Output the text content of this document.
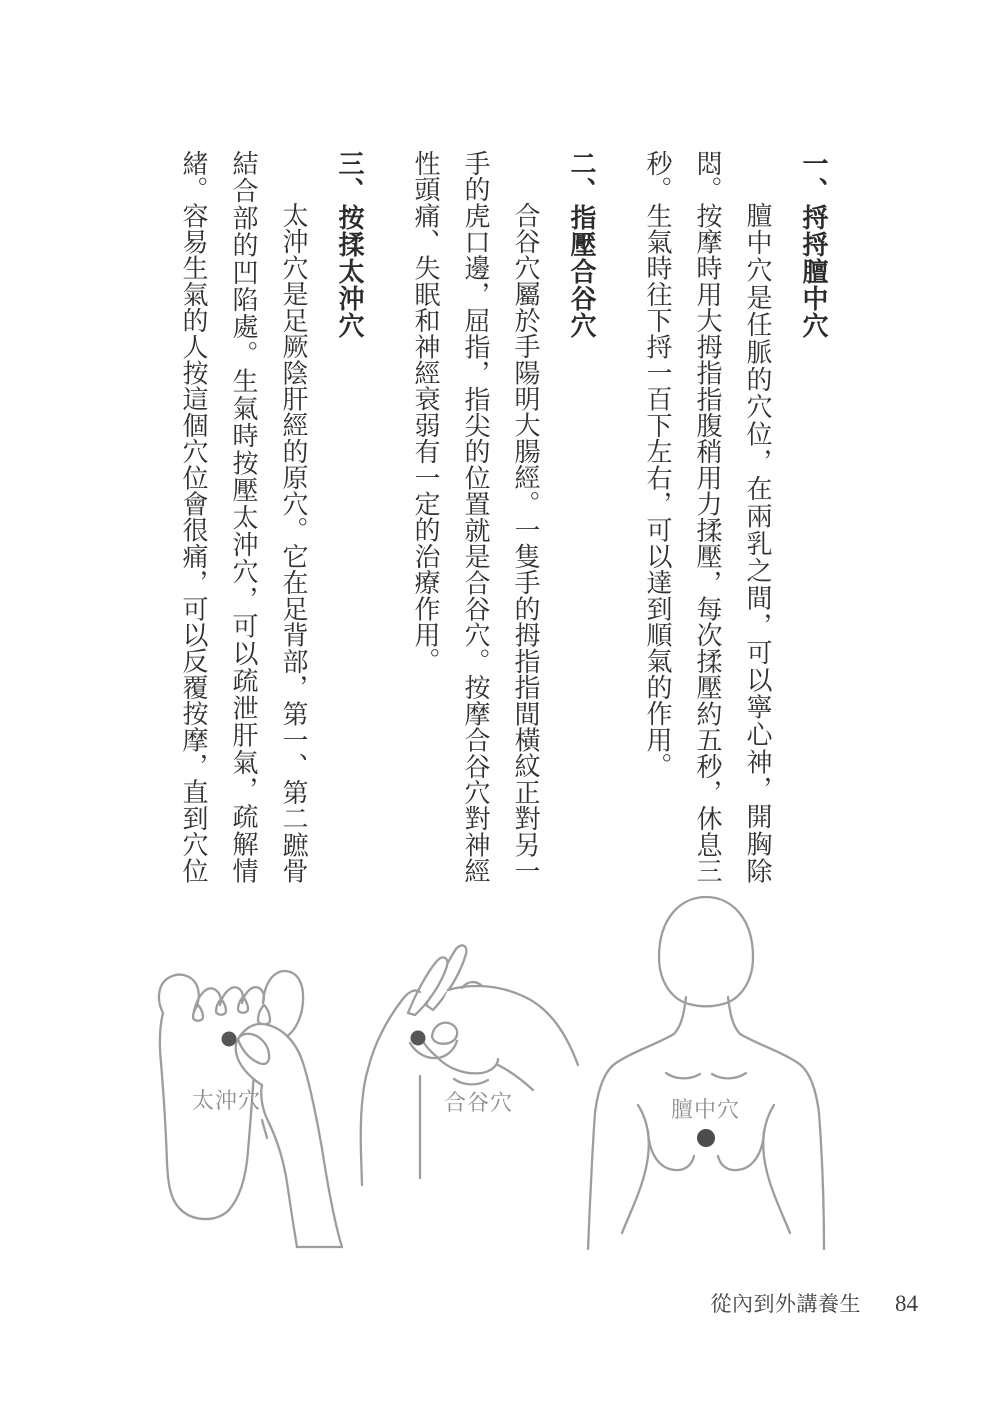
一、捋捋膻中穴

膻中穴是任脈的穴位，在兩乳之間，可以寧心神，開胸除悶。按摩時用大拇指指腹稍用力揉壓，每次揉壓約五秒，休息三秒。生氣時往下捋一百下左右，可以達到順氣的作用。

二、指壓合谷穴

合谷穴屬於手陽明大腸經。一隻手的拇指指間橫紋正對另一手的虎口邊，屈指，指尖的位置就是合谷穴。按摩合谷穴對神經性頭痛、失眠和神經衰弱有一定的治療作用。

三、按揉太沖穴

太沖穴是足厥陰肝經的原穴。它在足背部，第一、第二蹠骨結合部的凹陷處。生氣時按壓太沖穴，可以疏泄肝氣，疏解情緒。容易生氣的人按這個穴位會很痛，可以反覆按摩，直到穴位

太沖穴	合谷穴	膻中穴
從內到外講養生 84
